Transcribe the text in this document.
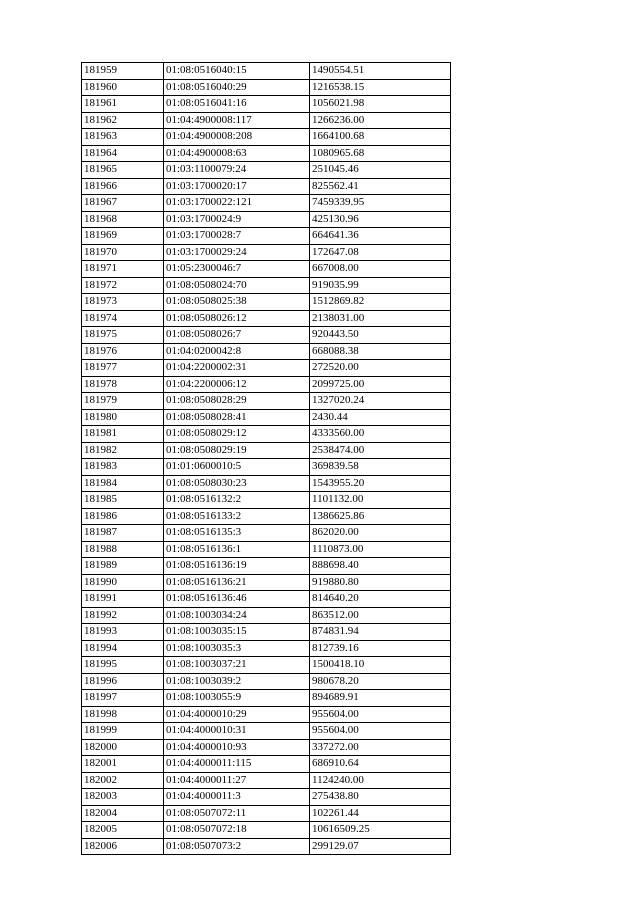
181959	01:08:0516040:15	1490554.51
181960	01:08:0516040:29	1216538.15
181961	01:08:0516041:16	1056021.98
181962	01:04:4900008:117	1266236.00
181963	01:04:4900008:208	1664100.68
181964	01:04:4900008:63	1080965.68
181965	01:03:1100079:24	251045.46
181966	01:03:1700020:17	825562.41
181967	01:03:1700022:121	7459339.95
181968	01:03:1700024:9	425130.96
181969	01:03:1700028:7	664641.36
181970	01:03:1700029:24	172647.08
181971	01:05:2300046:7	667008.00
181972	01:08:0508024:70	919035.99
181973	01:08:0508025:38	1512869.82
181974	01:08:0508026:12	2138031.00
181975	01:08:0508026:7	920443.50
181976	01:04:0200042:8	668088.38
181977	01:04:2200002:31	272520.00
181978	01:04:2200006:12	2099725.00
181979	01:08:0508028:29	1327020.24
181980	01:08:0508028:41	2430.44
181981	01:08:0508029:12	4333560.00
181982	01:08:0508029:19	2538474.00
181983	01:01:0600010:5	369839.58
181984	01:08:0508030:23	1543955.20
181985	01:08:0516132:2	1101132.00
181986	01:08:0516133:2	1386625.86
181987	01:08:0516135:3	862020.00
181988	01:08:0516136:1	1110873.00
181989	01:08:0516136:19	888698.40
181990	01:08:0516136:21	919880.80
181991	01:08:0516136:46	814640.20
181992	01:08:1003034:24	863512.00
181993	01:08:1003035:15	874831.94
181994	01:08:1003035:3	812739.16
181995	01:08:1003037:21	1500418.10
181996	01:08:1003039:2	980678.20
181997	01:08:1003055:9	894689.91
181998	01:04:4000010:29	955604.00
181999	01:04:4000010:31	955604.00
182000	01:04:4000010:93	337272.00
182001	01:04:4000011:115	686910.64
182002	01:04:4000011:27	1124240.00
182003	01:04:4000011:3	275438.80
182004	01:08:0507072:11	102261.44
182005	01:08:0507072:18	10616509.25
182006	01:08:0507073:2	299129.07
